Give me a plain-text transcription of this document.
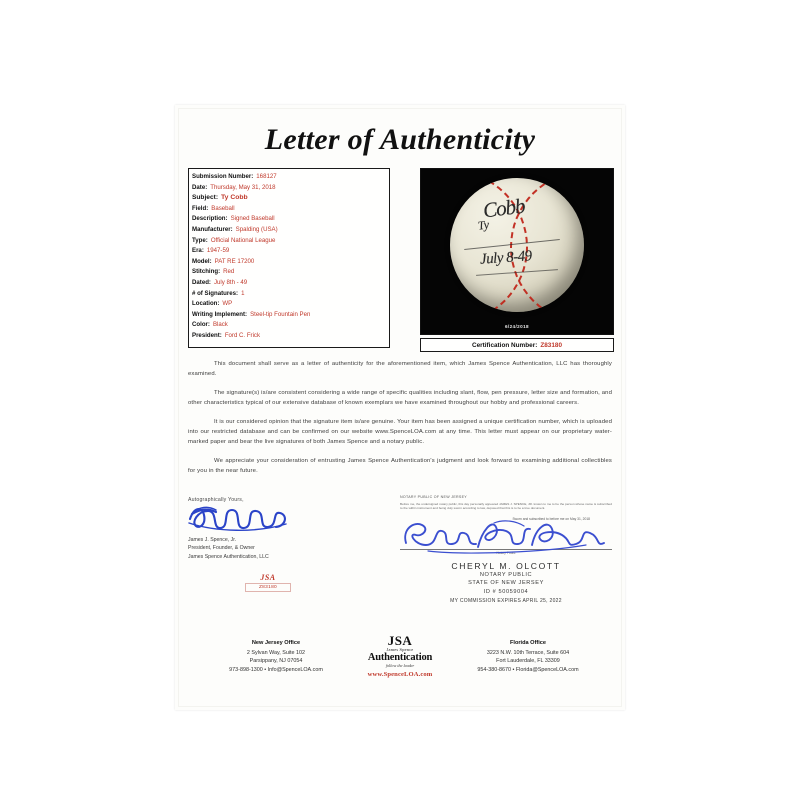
Letter of Authenticity
Submission Number: 168127
Date: Thursday, May 31, 2018
Subject: Ty Cobb
Field: Baseball
Description: Signed Baseball
Manufacturer: Spalding (USA)
Type: Official National League
Era: 1947-59
Model: PAT RE 17200
Stitching: Red
Dated: July 8th - 49
# of Signatures: 1
Location: WP
Writing Implement: Steel-tip Fountain Pen
Color: Black
President: Ford C. Frick
Ty
Cobb
July 8-49
6/24/2018
Certification Number: Z83180
This document shall serve as a letter of authenticity for the aforementioned item, which James Spence Authentication, LLC has thoroughly examined.
The signature(s) is/are consistent considering a wide range of specific qualities including slant, flow, pen pressure, letter size and formation, and other characteristics typical of our extensive database of known exemplars we have examined throughout our hobby and professional careers.
It is our considered opinion that the signature item is/are genuine. Your item has been assigned a unique certification number, which is uploaded into our restricted database and can be confirmed on our website www.SpenceLOA.com at any time. This letter must appear on our proprietary water-marked paper and bear the live signatures of both James Spence and a notary public.
We appreciate your consideration of entrusting James Spence Authentication's judgment and look forward to examining additional collectibles for you in the near future.
Autographically Yours,
James J. Spence, Jr.
President, Founder, & Owner
James Spence Authentication, LLC
JSA
Z83180
NOTARY PUBLIC OF NEW JERSEY
Before me, the undersigned notary public, this day personally appeared JAMES J. SPENCE, JR. known to me to be the person whose name is subscribed to the within instrument and being duly sworn according to law, deposed that this is to be a true document.
Sworn and subscribed to before me on May 31, 2018
Notary Public
CHERYL M. OLCOTT
NOTARY PUBLIC
STATE OF NEW JERSEY
ID # 50059004
MY COMMISSION EXPIRES APRIL 25, 2022
New Jersey Office
2 Sylvan Way, Suite 102
Parsippany, NJ 07054
973-898-1300 • Info@SpenceLOA.com
JSA
James Spence
Authentication
follow the leader
www.SpenceLOA.com
Florida Office
3223 N.W. 10th Terrace, Suite 604
Fort Lauderdale, FL 33309
954-380-8670 • Florida@SpenceLOA.com
